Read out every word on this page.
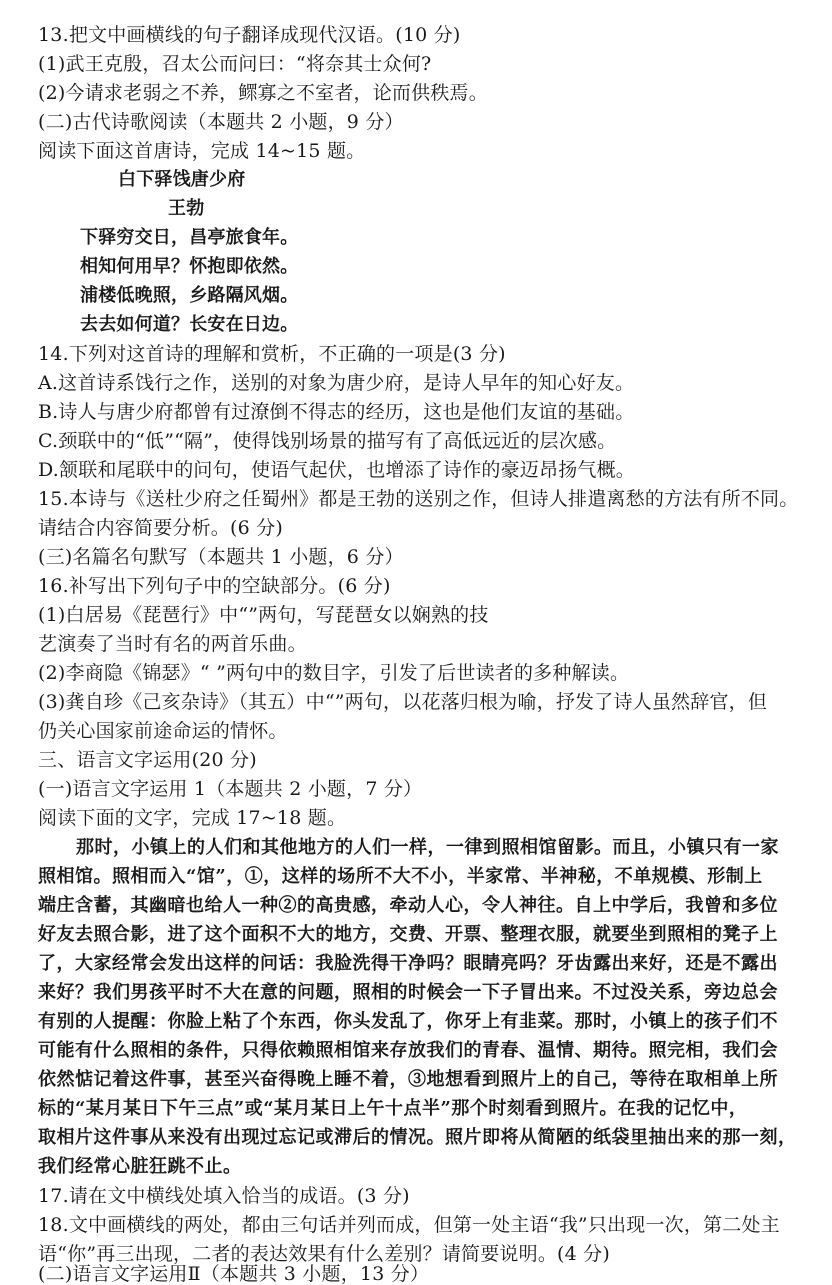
13.把文中画横线的句子翻译成现代汉语。(10 分)
(1)武王克殷，召太公而问曰：“将奈其士众何?
(2)今请求老弱之不养，鳏寡之不室者，论而供秩焉。
(二)古代诗歌阅读（本题共 2 小题，9 分）
阅读下面这首唐诗，完成 14~15 题。
白下驿饯唐少府
王勃
下驿穷交日，昌亭旅食年。
相知何用早？怀抱即依然。
浦楼低晚照，乡路隔风烟。
去去如何道？长安在日边。
14.下列对这首诗的理解和赏析，不正确的一项是(3 分)
A.这首诗系饯行之作，送别的对象为唐少府，是诗人早年的知心好友。
B.诗人与唐少府都曾有过潦倒不得志的经历，这也是他们友谊的基础。
C.颈联中的“低”“隔”，使得饯别场景的描写有了高低远近的层次感。
D.颔联和尾联中的问句，使语气起伏，也增添了诗作的豪迈昂扬气概。
15.本诗与《送杜少府之任蜀州》都是王勃的送别之作，但诗人排遣离愁的方法有所不同。
请结合内容简要分析。(6 分)
(三)名篇名句默写（本题共 1 小题，6 分）
16.补写出下列句子中的空缺部分。(6 分)
(1)白居易《琵琶行》中“”两句，写琵琶女以娴熟的技
艺演奏了当时有名的两首乐曲。
(2)李商隐《锦瑟》“ ”两句中的数目字，引发了后世读者的多种解读。
(3)龚自珍《己亥杂诗》（其五）中“”两句，以花落归根为喻，抒发了诗人虽然辞官，但
仍关心国家前途命运的情怀。
三、语言文字运用(20 分)
(一)语言文字运用 1（本题共 2 小题，7 分）
阅读下面的文字，完成 17~18 题。
那时，小镇上的人们和其他地方的人们一样，一律到照相馆留影。而且，小镇只有一家
照相馆。照相而入“馆”，①，这样的场所不大不小，半家常、半神秘，不单规模、形制上
端庄含蓄，其幽暗也给人一种②的高贵感，牵动人心，令人神往。自上中学后，我曾和多位
好友去照合影，进了这个面积不大的地方，交费、开票、整理衣服，就要坐到照相的凳子上
了，大家经常会发出这样的问话：我脸洗得干净吗？眼睛亮吗？牙齿露出来好，还是不露出
来好？我们男孩平时不大在意的问题，照相的时候会一下子冒出来。不过没关系，旁边总会
有别的人提醒：你脸上粘了个东西，你头发乱了，你牙上有韭菜。那时，小镇上的孩子们不
可能有什么照相的条件，只得依赖照相馆来存放我们的青春、温情、期待。照完相，我们会
依然惦记着这件事，甚至兴奋得晚上睡不着，③地想看到照片上的自己，等待在取相单上所
标的“某月某日下午三点”或“某月某日上午十点半”那个时刻看到照片。在我的记忆中，
取相片这件事从来没有出现过忘记或滞后的情况。照片即将从简陋的纸袋里抽出来的那一刻，
我们经常心脏狂跳不止。
17.请在文中横线处填入恰当的成语。(3 分)
18.文中画横线的两处，都由三句话并列而成，但第一处主语“我”只出现一次，第二处主
语“你”再三出现，二者的表达效果有什么差别？请简要说明。(4 分)
(二)语言文字运用Ⅱ（本题共 3 小题，13 分）
